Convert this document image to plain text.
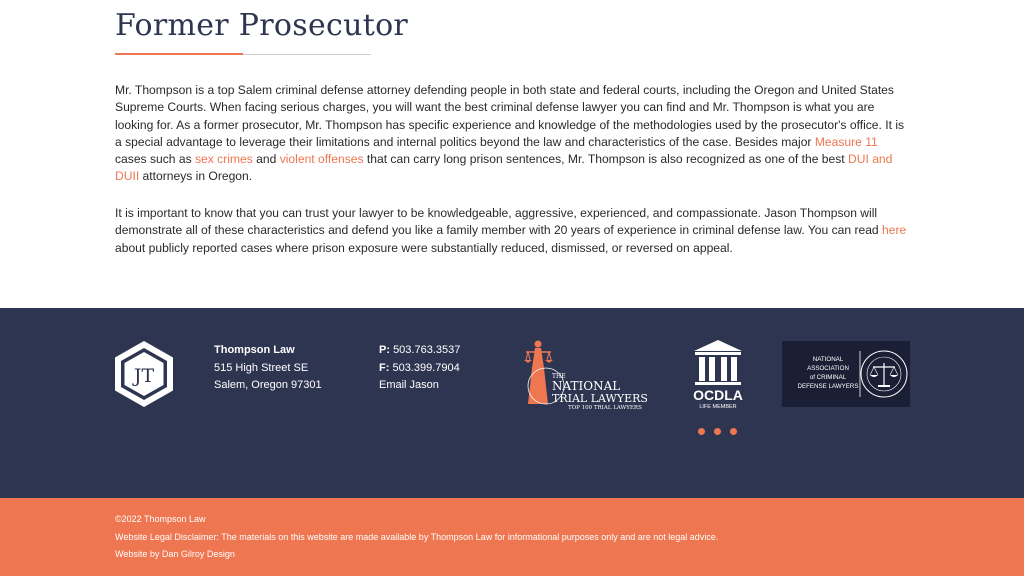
Former Prosecutor

Mr. Thompson is a top Salem criminal defense attorney defending people in both state and federal courts, including the Oregon and United States Supreme Courts. When facing serious charges, you will want the best criminal defense lawyer you can find and Mr. Thompson is what you are looking for. As a former prosecutor, Mr. Thompson has specific experience and knowledge of the methodologies used by the prosecutor's office. It is a special advantage to leverage their limitations and internal politics beyond the law and characteristics of the case. Besides major Measure 11 cases such as sex crimes and violent offenses that can carry long prison sentences, Mr. Thompson is also recognized as one of the best DUI and DUII attorneys in Oregon.

It is important to know that you can trust your lawyer to be knowledgeable, aggressive, experienced, and compassionate. Jason Thompson will demonstrate all of these characteristics and defend you like a family member with 20 years of experience in criminal defense law. You can read here about publicly reported cases where prison exposure were substantially reduced, dismissed, or reversed on appeal.

JT
Thompson Law
515 High Street SE
Salem, Oregon 97301
P: 503.763.3537
F: 503.399.7904
Email Jason
THE
NATIONAL
TRIAL LAWYERS
TOP 100 TRIAL LAWYERS
OCDLA
LIFE MEMBER
NATIONAL
ASSOCIATION
of CRIMINAL
DEFENSE LAWYERS
©2022 Thompson Law
Website Legal Disclaimer: The materials on this website are made available by Thompson Law for informational purposes only and are not legal advice.
Website by Dan Gilroy Design
